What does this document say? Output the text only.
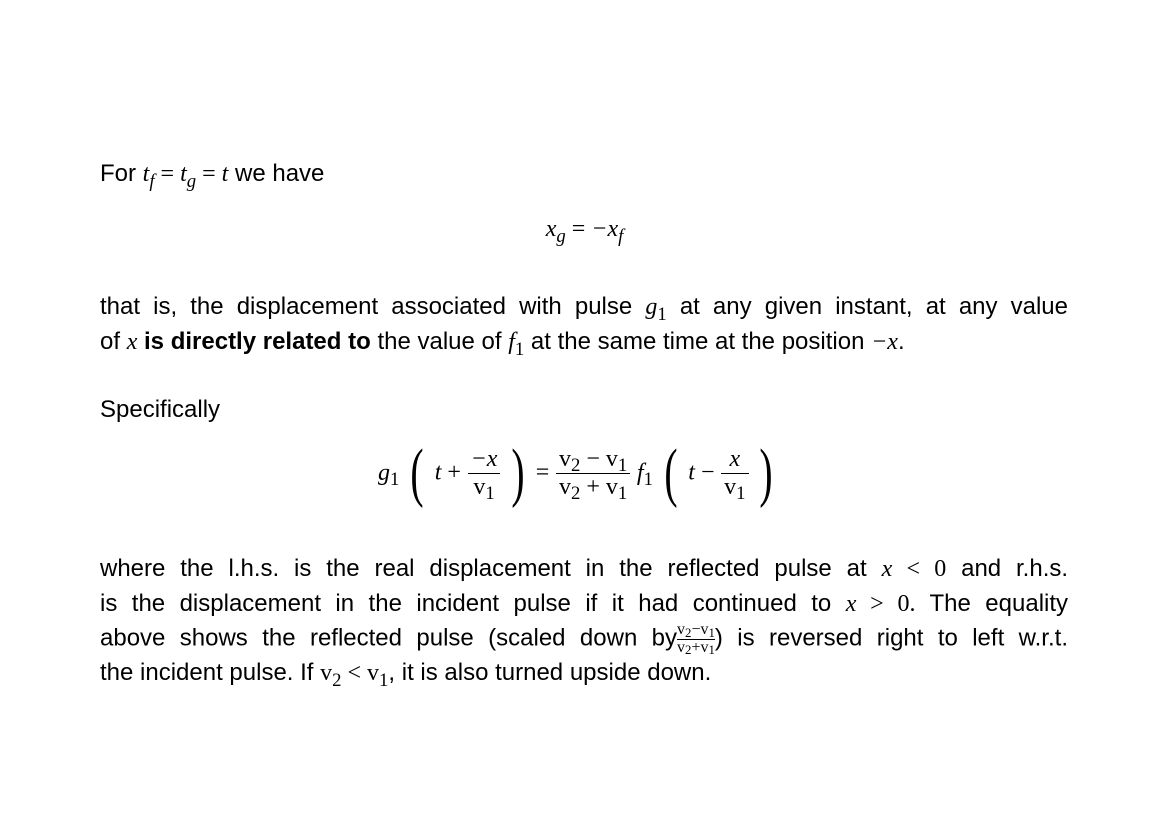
For $t_f = t_g = t$ we have
$x_g = -x_f$
that is, the displacement associated with pulse $g_1$ at any given instant, at any value
of x is directly related to the value of $f_1$ at the same time at the position −x.
Specifically
$g_1$ ( $t + \frac{-x}{v_1}$ ) = $\frac{v_2 - v_1}{v_2 + v_1} f_1$ ( $t - \frac{x}{v_1}$ )
where the l.h.s. is the real displacement in the reflected pulse at x < 0 and r.h.s.
is the displacement in the incident pulse if it had continued to x > 0. The equality
above shows the reflected pulse (scaled down by $\frac{v2-v1}{v2+v1}$ ) is reversed right to left w.r.t.
the incident pulse. If $v_2 < v_1$, it is also turned upside down.
